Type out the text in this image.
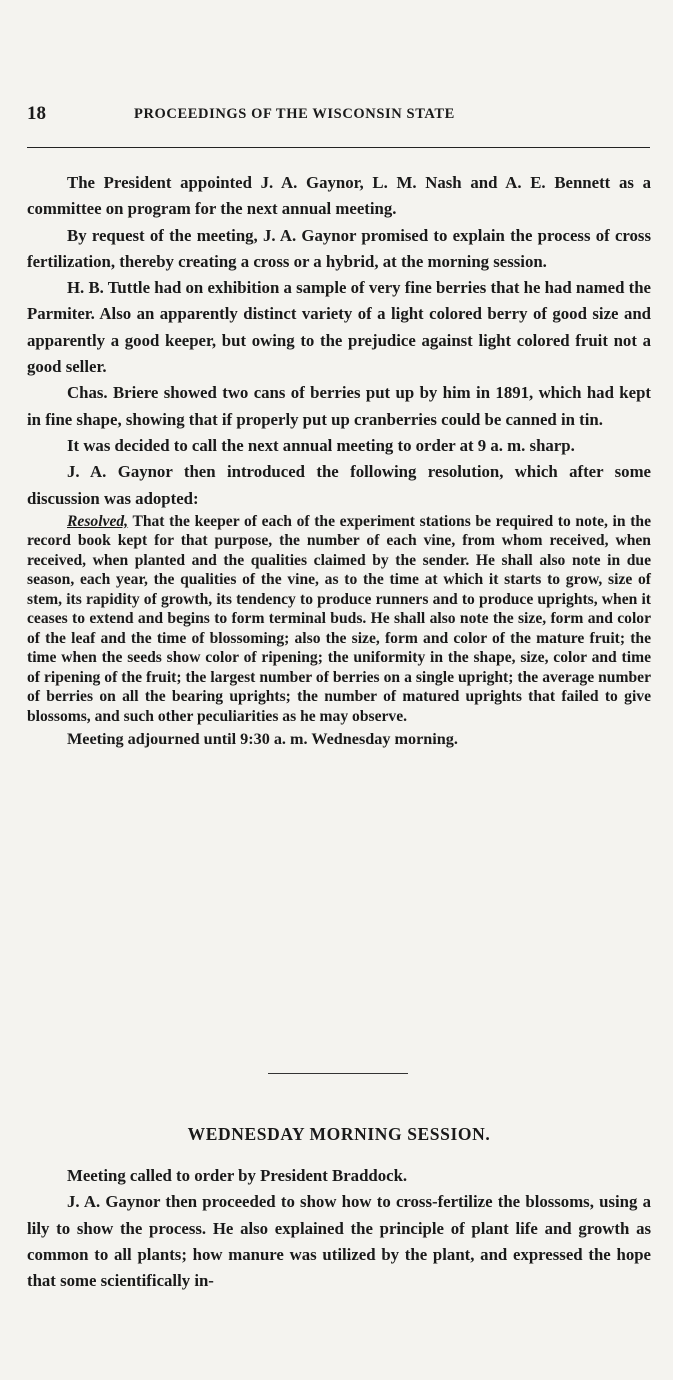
18	PROCEEDINGS OF THE WISCONSIN STATE

The President appointed J. A. Gaynor, L. M. Nash and A. E. Bennett as a committee on program for the next annual meeting.

By request of the meeting, J. A. Gaynor promised to explain the process of cross fertilization, thereby creating a cross or a hybrid, at the morning session.

H. B. Tuttle had on exhibition a sample of very fine berries that he had named the Parmiter. Also an apparently distinct variety of a light colored berry of good size and apparently a good keeper, but owing to the prejudice against light colored fruit not a good seller.

Chas. Briere showed two cans of berries put up by him in 1891, which had kept in fine shape, showing that if properly put up cranberries could be canned in tin.

It was decided to call the next annual meeting to order at 9 a. m. sharp.

J. A. Gaynor then introduced the following resolution, which after some discussion was adopted:

Resolved, That the keeper of each of the experiment stations be required to note, in the record book kept for that purpose, the number of each vine, from whom received, when received, when planted and the qualities claimed by the sender. He shall also note in due season, each year, the qualities of the vine, as to the time at which it starts to grow, size of stem, its rapidity of growth, its tendency to produce runners and to produce uprights, when it ceases to extend and begins to form terminal buds. He shall also note the size, form and color of the leaf and the time of blossoming; also the size, form and color of the mature fruit; the time when the seeds show color of ripening; the uniformity in the shape, size, color and time of ripening of the fruit; the largest number of berries on a single upright; the average number of berries on all the bearing uprights; the number of matured uprights that failed to give blossoms, and such other peculiarities as he may observe.

Meeting adjourned until 9:30 a. m. Wednesday morning.

WEDNESDAY MORNING SESSION.

Meeting called to order by President Braddock.

J. A. Gaynor then proceeded to show how to cross-fertilize the blossoms, using a lily to show the process. He also explained the principle of plant life and growth as common to all plants; how manure was utilized by the plant, and expressed the hope that some scientifically in-
